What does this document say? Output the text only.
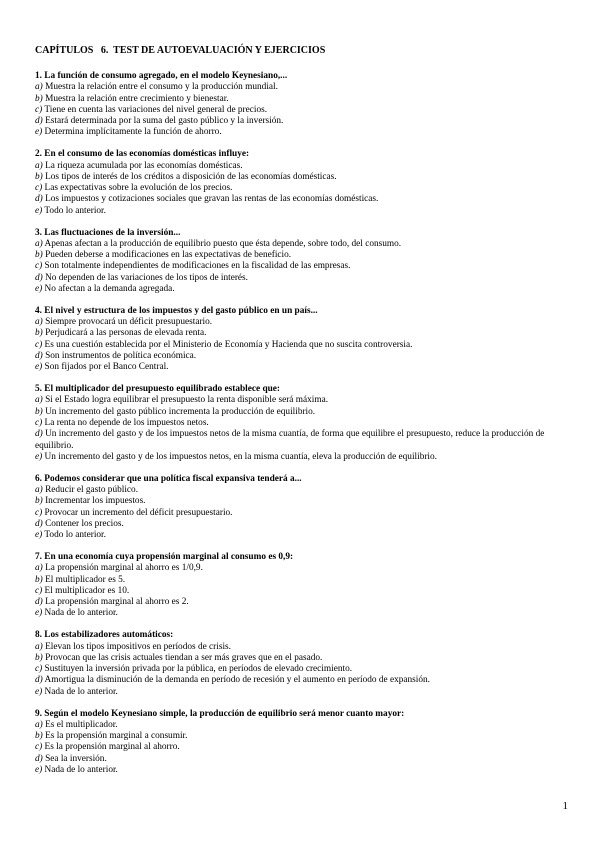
CAPÍTULOS   6.  TEST DE AUTOEVALUACIÓN Y EJERCICIOS
1. La función de consumo agregado, en el modelo Keynesiano,...
a) Muestra la relación entre el consumo y la producción mundial.
b) Muestra la relación entre crecimiento y bienestar.
c) Tiene en cuenta las variaciones del nivel general de precios.
d) Estará determinada por la suma del gasto público y la inversión.
e) Determina implícitamente la función de ahorro.
2. En el consumo de las economías domésticas influye:
a) La riqueza acumulada por las economías domésticas.
b) Los tipos de interés de los créditos a disposición de las economías domésticas.
c) Las expectativas sobre la evolución de los precios.
d) Los impuestos y cotizaciones sociales que gravan las rentas de las economías domésticas.
e) Todo lo anterior.
3. Las fluctuaciones de la inversión...
a) Apenas afectan a la producción de equilibrio puesto que ésta depende, sobre todo, del consumo.
b) Pueden deberse a modificaciones en las expectativas de beneficio.
c) Son totalmente independientes de modificaciones en la fiscalidad de las empresas.
d) No dependen de las variaciones de los tipos de interés.
e) No afectan a la demanda agregada.
4. El nivel y estructura de los impuestos y del gasto público en un país...
a) Siempre provocará un déficit presupuestario.
b) Perjudicará a las personas de elevada renta.
c) Es una cuestión establecida por el Ministerio de Economía y Hacienda que no suscita controversia.
d) Son instrumentos de política económica.
e) Son fijados por el Banco Central.
5. El multiplicador del presupuesto equilibrado establece que:
a) Si el Estado logra equilibrar el presupuesto la renta disponible será máxima.
b) Un incremento del gasto público incrementa la producción de equilibrio.
c) La renta no depende de los impuestos netos.
d) Un incremento del gasto y de los impuestos netos de la misma cuantía, de forma que equilibre el presupuesto, reduce la producción de equilibrio.
e) Un incremento del gasto y de los impuestos netos, en la misma cuantía, eleva la producción de equilibrio.
6. Podemos considerar que una política fiscal expansiva tenderá a...
a) Reducir el gasto público.
b) Incrementar los impuestos.
c) Provocar un incremento del déficit presupuestario.
d) Contener los precios.
e) Todo lo anterior.
7. En una economía cuya propensión marginal al consumo es 0,9:
a) La propensión marginal al ahorro es 1/0,9.
b) El multiplicador es 5.
c) El multiplicador es 10.
d) La propensión marginal al ahorro es 2.
e) Nada de lo anterior.
8. Los estabilizadores automáticos:
a) Elevan los tipos impositivos en períodos de crisis.
b) Provocan que las crisis actuales tiendan a ser más graves que en el pasado.
c) Sustituyen la inversión privada por la pública, en períodos de elevado crecimiento.
d) Amortigua la disminución de la demanda en período de recesión y el aumento en período de expansión.
e) Nada de lo anterior.
9. Según el modelo Keynesiano simple, la producción de equilibrio será menor cuanto mayor:
a) Es el multiplicador.
b) Es la propensión marginal a consumir.
c) Es la propensión marginal al ahorro.
d) Sea la inversión.
e) Nada de lo anterior.
1
